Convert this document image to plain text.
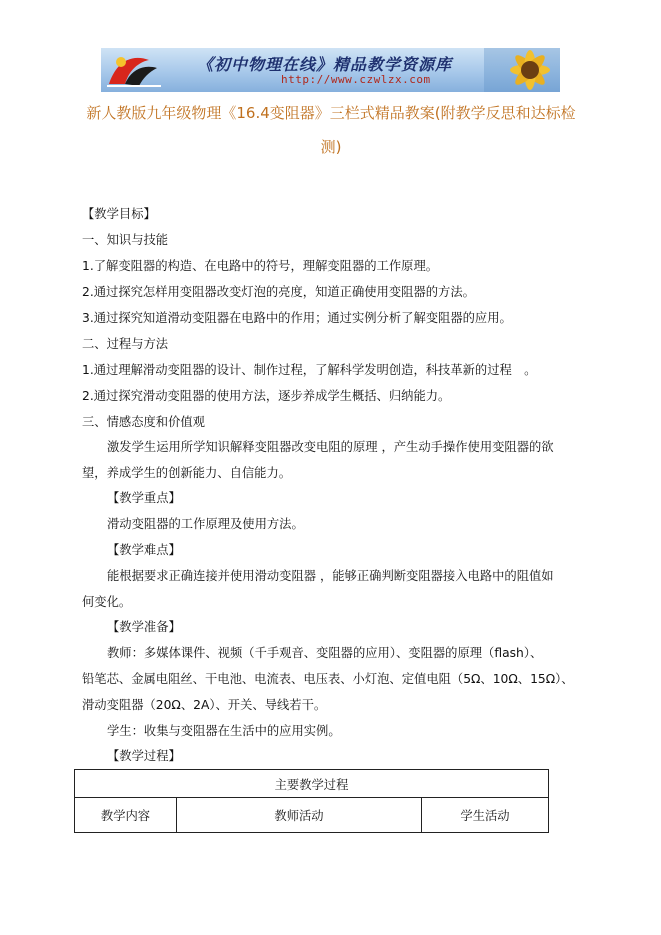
《初中物理在线》精品教学资源库
http://www.czwlzx.com
新人教版九年级物理《16.4变阻器》三栏式精品教案(附教学反思和达标检测)
【教学目标】
一、知识与技能
1.了解变阻器的构造、在电路中的符号，理解变阻器的工作原理。
2.通过探究怎样用变阻器改变灯泡的亮度，知道正确使用变阻器的方法。
3.通过探究知道滑动变阻器在电路中的作用；通过实例分析了解变阻器的应用。
二、过程与方法
1.通过理解滑动变阻器的设计、制作过程，了解科学发明创造，科技革新的过程　。
2.通过探究滑动变阻器的使用方法，逐步养成学生概括、归纳能力。
三、情感态度和价值观
激发学生运用所学知识解释变阻器改变电阻的原理 ，产生动手操作使用变阻器的欲
望，养成学生的创新能力、自信能力。
【教学重点】
滑动变阻器的工作原理及使用方法。
【教学难点】
能根据要求正确连接并使用滑动变阻器 ，能够正确判断变阻器接入电路中的阻值如
何变化。
【教学准备】
教师：多媒体课件、视频（千手观音、变阻器的应用）、变阻器的原理（flash）、
铅笔芯、金属电阻丝、干电池、电流表、电压表、小灯泡、定值电阻（5Ω、10Ω、15Ω）、
滑动变阻器（20Ω、2A）、开关、导线若干。
学生：收集与变阻器在生活中的应用实例。
【教学过程】
主要教学过程
教学内容	教师活动	学生活动
